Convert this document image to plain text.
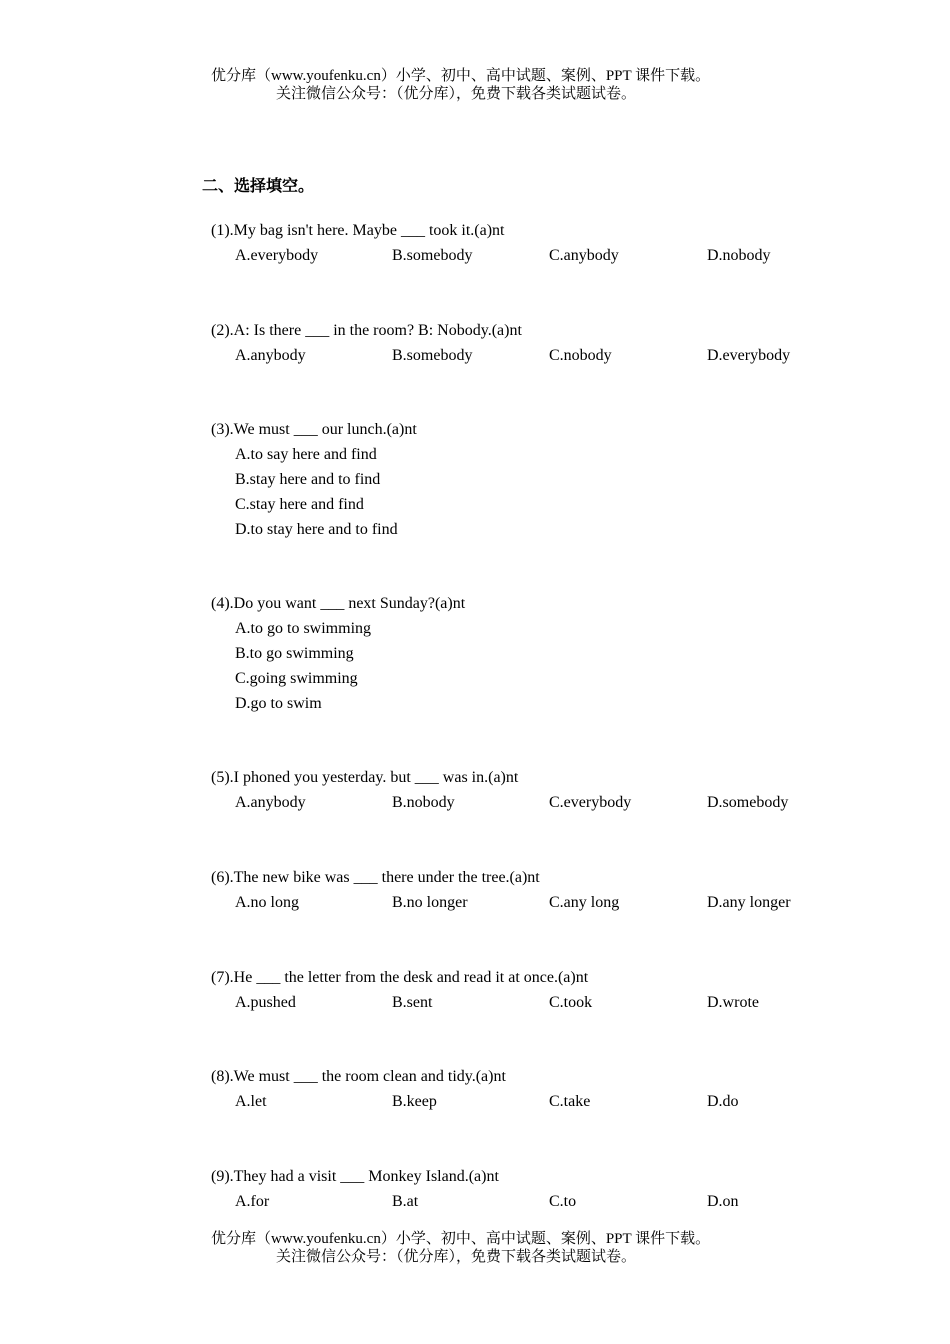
优分库（www.youfenku.cn）小学、初中、高中试题、案例、PPT 课件下载。
关注微信公众号：（优分库），免费下载各类试题试卷。
二、选择填空。
(1).My bag isn't here. Maybe ___ took it.(a)nt
A.everybody	B.somebody	C.anybody	D.nobody
(2).A: Is there ___ in the room? B: Nobody.(a)nt
A.anybody	B.somebody	C.nobody	D.everybody
(3).We must ___ our lunch.(a)nt
A.to say here and find
B.stay here and to find
C.stay here and find
D.to stay here and to find
(4).Do you want ___ next Sunday?(a)nt
A.to go to swimming
B.to go swimming
C.going swimming
D.go to swim
(5).I phoned you yesterday. but ___ was in.(a)nt
A.anybody	B.nobody	C.everybody	D.somebody
(6).The new bike was ___ there under the tree.(a)nt
A.no long	B.no longer	C.any long	D.any longer
(7).He ___ the letter from the desk and read it at once.(a)nt
A.pushed	B.sent	C.took	D.wrote
(8).We must ___ the room clean and tidy.(a)nt
A.let	B.keep	C.take	D.do
(9).They had a visit ___ Monkey Island.(a)nt
A.for	B.at	C.to	D.on
优分库（www.youfenku.cn）小学、初中、高中试题、案例、PPT 课件下载。
关注微信公众号：（优分库），免费下载各类试题试卷。
